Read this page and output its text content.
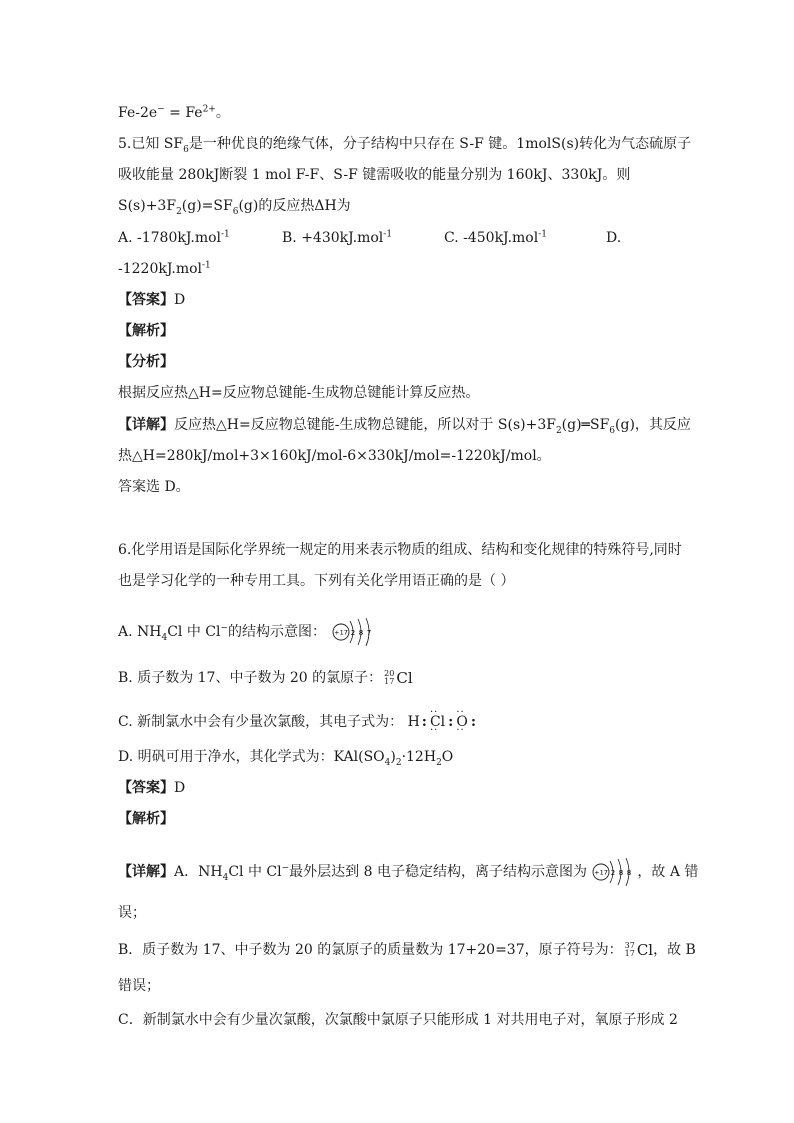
$Fe-2e^- = Fe^{2+}$。
5.已知 $SF_6$是一种优良的绝缘气体，分子结构中只存在 S-F 键。1molS(s)转化为气态硫原子
吸收能量 280kJ断裂 1 mol F-F、S-F 键需吸收的能量分别为 160kJ、330kJ。则
$S(s)+3F_2(g)=SF_6(g)$的反应热ΔH为
A. -1780kJ.mol$^{-1}$	B. +430kJ.mol$^{-1}$	C. -450kJ.mol$^{-1}$	D.
-1220kJ.mol$^{-1}$
【答案】D
【解析】
【分析】
根据反应热△H=反应物总键能-生成物总键能计算反应热。
【详解】反应热△H=反应物总键能-生成物总键能，所以对于 $S(s)+3F_2(g)═SF_6(g)$，其反应
热△H=280kJ/mol+3×160kJ/mol-6×330kJ/mol=-1220kJ/mol。
答案选 D。
6.化学用语是国际化学界统一规定的用来表示物质的组成、结构和变化规律的特殊符号,同时
也是学习化学的一种专用工具。下列有关化学用语正确的是（ ）
A. $NH_4Cl$ 中 Cl−的结构示意图： +17 2 8 7
B. 质子数为 17、中子数为 20 的氯原子： 20
17 Cl
C. 新制氯水中会有少量次氯酸，其电子式为： H : ·· Cl ·· : ·· O ·· :
D. 明矾可用于净水，其化学式为：$KAl(SO_4)_2\cdot 12H_2O$
【答案】D
【解析】
【详解】A．$NH_4Cl$ 中 Cl−最外层达到 8 电子稳定结构，离子结构示意图为 +17 2 8 8 ，故 A 错
误；
B．质子数为 17、中子数为 20 的氯原子的质量数为 17+20=37，原子符号为： 37
17 Cl，故 B
错误；
C．新制氯水中会有少量次氯酸，次氯酸中氯原子只能形成 1 对共用电子对，氧原子形成 2
